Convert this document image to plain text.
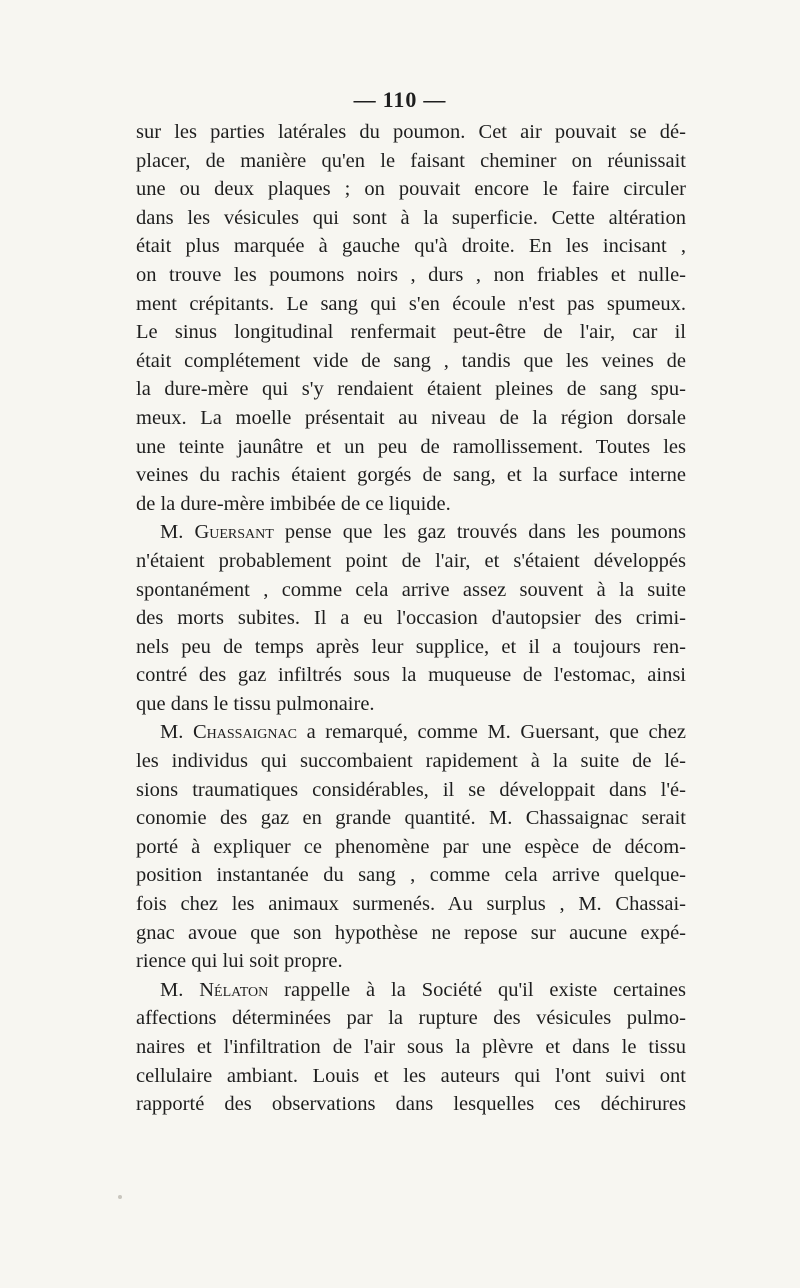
— 110 —
sur les parties latérales du poumon. Cet air pouvait se dé-
placer, de manière qu'en le faisant cheminer on réunissait
une ou deux plaques ; on pouvait encore le faire circuler
dans les vésicules qui sont à la superficie. Cette altération
était plus marquée à gauche qu'à droite. En les incisant ,
on trouve les poumons noirs , durs , non friables et nulle-
ment crépitants. Le sang qui s'en écoule n'est pas spumeux.
Le sinus longitudinal renfermait peut-être de l'air, car il
était complétement vide de sang , tandis que les veines de
la dure-mère qui s'y rendaient étaient pleines de sang spu-
meux. La moelle présentait au niveau de la région dorsale
une teinte jaunâtre et un peu de ramollissement. Toutes les
veines du rachis étaient gorgés de sang, et la surface interne
de la dure-mère imbibée de ce liquide.
M. Guersant pense que les gaz trouvés dans les poumons
n'étaient probablement point de l'air, et s'étaient développés
spontanément , comme cela arrive assez souvent à la suite
des morts subites. Il a eu l'occasion d'autopsier des crimi-
nels peu de temps après leur supplice, et il a toujours ren-
contré des gaz infiltrés sous la muqueuse de l'estomac, ainsi
que dans le tissu pulmonaire.
M. Chassaignac a remarqué, comme M. Guersant, que chez
les individus qui succombaient rapidement à la suite de lé-
sions traumatiques considérables, il se développait dans l'é-
conomie des gaz en grande quantité. M. Chassaignac serait
porté à expliquer ce phenomène par une espèce de décom-
position instantanée du sang , comme cela arrive quelque-
fois chez les animaux surmenés. Au surplus , M. Chassai-
gnac avoue que son hypothèse ne repose sur aucune expé-
rience qui lui soit propre.
M. Nélaton rappelle à la Société qu'il existe certaines
affections déterminées par la rupture des vésicules pulmo-
naires et l'infiltration de l'air sous la plèvre et dans le tissu
cellulaire ambiant. Louis et les auteurs qui l'ont suivi ont
rapporté des observations dans lesquelles ces déchirures
